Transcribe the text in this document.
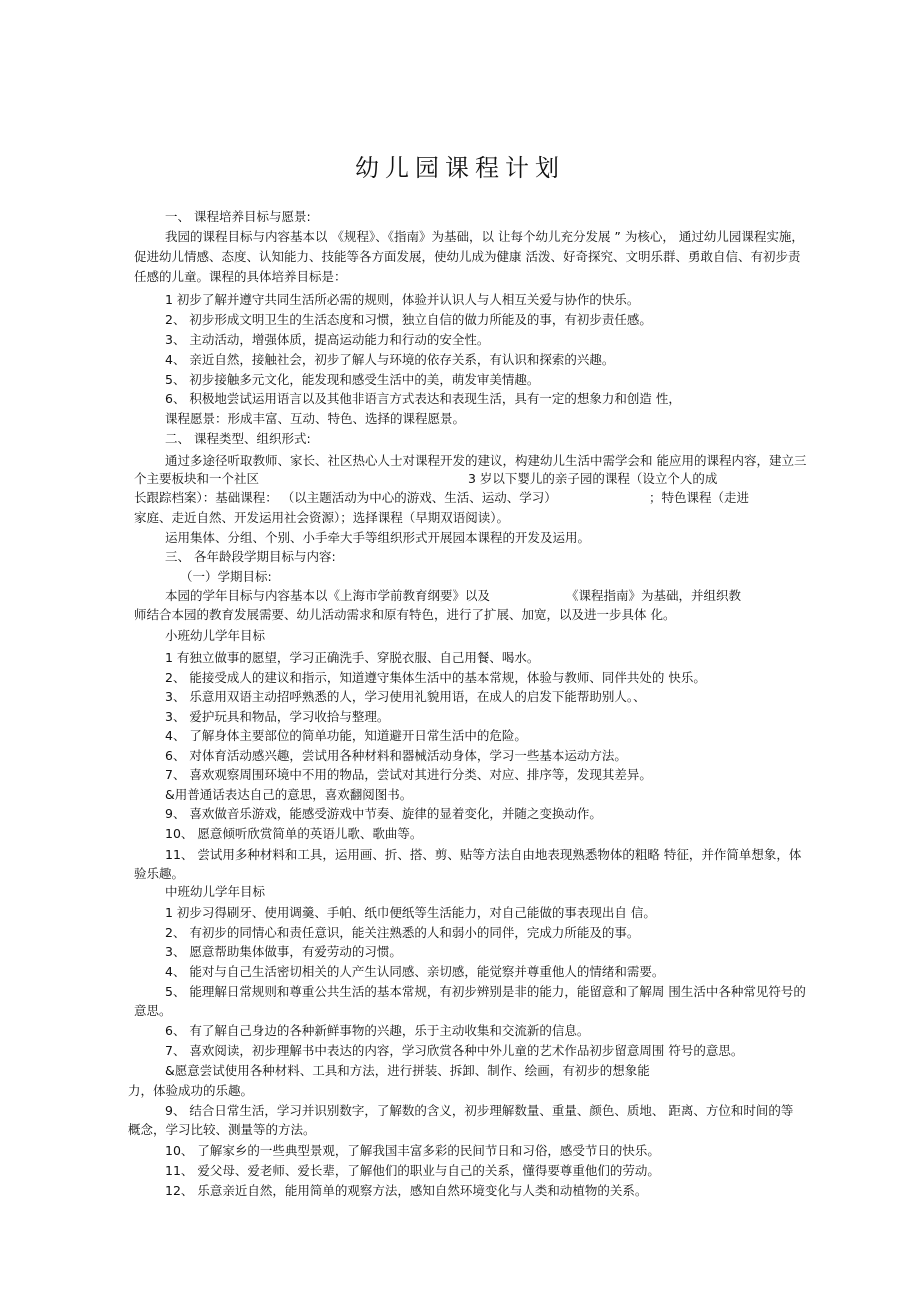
幼儿园课程计划
一、 课程培养目标与愿景:
我园的课程目标与内容基本以 《规程》、《指南》为基础，以 让每个幼儿充分发展 ” 为核心， 通过幼儿园课程实施，
促进幼儿情感、态度、认知能力、技能等各方面发展，使幼儿成为健康 活泼、好奇探究、文明乐群、勇敢自信、有初步责
任感的儿童。课程的具体培养目标是：
1 初步了解并遵守共同生活所必需的规则，体验并认识人与人相互关爱与协作的快乐。
2、 初步形成文明卫生的生活态度和习惯，独立自信的做力所能及的事，有初步责任感。
3、 主动活动，增强体质，提高运动能力和行动的安全性。
4、 亲近自然，接触社会，初步了解人与环境的依存关系，有认识和探索的兴趣。
5、 初步接触多元文化，能发现和感受生活中的美，萌发审美情趣。
6、 积极地尝试运用语言以及其他非语言方式表达和表现生活，具有一定的想象力和创造 性，
课程愿景：形成丰富、互动、特色、选择的课程愿景。
二、 课程类型、组织形式:
通过多途径听取教师、家长、社区热心人士对课程开发的建议，构建幼儿生活中需学会和 能应用的课程内容，建立三
个主要板块和一个社区	3 岁以下婴儿的亲子园的课程（设立个人的成
长跟踪档案）：基础课程： （以主题活动为中心的游戏、生活、运动、学习）	；特色课程（走进
家庭、走近自然、开发运用社会资源）；选择课程（早期双语阅读）。
运用集体、分组、个别、小手牵大手等组织形式开展园本课程的开发及运用。
三、 各年龄段学期目标与内容:
（一）学期目标:
本园的学年目标与内容基本以《上海市学前教育纲要》以及	《课程指南》为基础，并组织教
师结合本园的教育发展需要、幼儿活动需求和原有特色，进行了扩展、加宽，以及进一步具体 化。
小班幼儿学年目标
1 有独立做事的愿望，学习正确洗手、穿脱衣服、自己用餐、喝水。
2、 能接受成人的建议和指示，知道遵守集体生活中的基本常规，体验与教师、同伴共处的 快乐。
3、 乐意用双语主动招呼熟悉的人，学习使用礼貌用语，在成人的启发下能帮助别人。、
3、 爱护玩具和物品，学习收拾与整理。
4、 了解身体主要部位的简单功能，知道避开日常生活中的危险。
6、 对体育活动感兴趣，尝试用各种材料和器械活动身体，学习一些基本运动方法。
7、 喜欢观察周围环境中不用的物品，尝试对其进行分类、对应、排序等，发现其差异。
&用普通话表达自己的意思，喜欢翻阅图书。
9、 喜欢做音乐游戏，能感受游戏中节奏、旋律的显着变化，并随之变换动作。
10、 愿意倾听欣赏简单的英语儿歌、歌曲等。
11、 尝试用多种材料和工具，运用画、折、搭、剪、贴等方法自由地表现熟悉物体的粗略 特征，并作简单想象，体
验乐趣。
中班幼儿学年目标
1 初步习得刷牙、使用调羹、手帕、纸巾便纸等生活能力，对自己能做的事表现出自 信。
2、 有初步的同情心和责任意识，能关注熟悉的人和弱小的同伴，完成力所能及的事。
3、 愿意帮助集体做事，有爱劳动的习惯。
4、 能对与自己生活密切相关的人产生认同感、亲切感，能觉察并尊重他人的情绪和需要。
5、 能理解日常规则和尊重公共生活的基本常规，有初步辨别是非的能力，能留意和了解周 围生活中各种常见符号的
意思。
6、 有了解自己身边的各种新鲜事物的兴趣，乐于主动收集和交流新的信息。
7、 喜欢阅读，初步理解书中表达的内容，学习欣赏各种中外儿童的艺术作品初步留意周围 符号的意思。
&愿意尝试使用各种材料、工具和方法，进行拼装、拆卸、制作、绘画，有初步的想象能
力，体验成功的乐趣。
9、 结合日常生活，学习并识别数字，了解数的含义，初步理解数量、重量、颜色、质地、 距离、方位和时间的等
概念，学习比较、测量等的方法。
10、 了解家乡的一些典型景观，了解我国丰富多彩的民间节日和习俗，感受节日的快乐。
11、 爱父母、爱老师、爱长辈，了解他们的职业与自己的关系，懂得要尊重他们的劳动。
12、 乐意亲近自然，能用简单的观察方法，感知自然环境变化与人类和动植物的关系。
